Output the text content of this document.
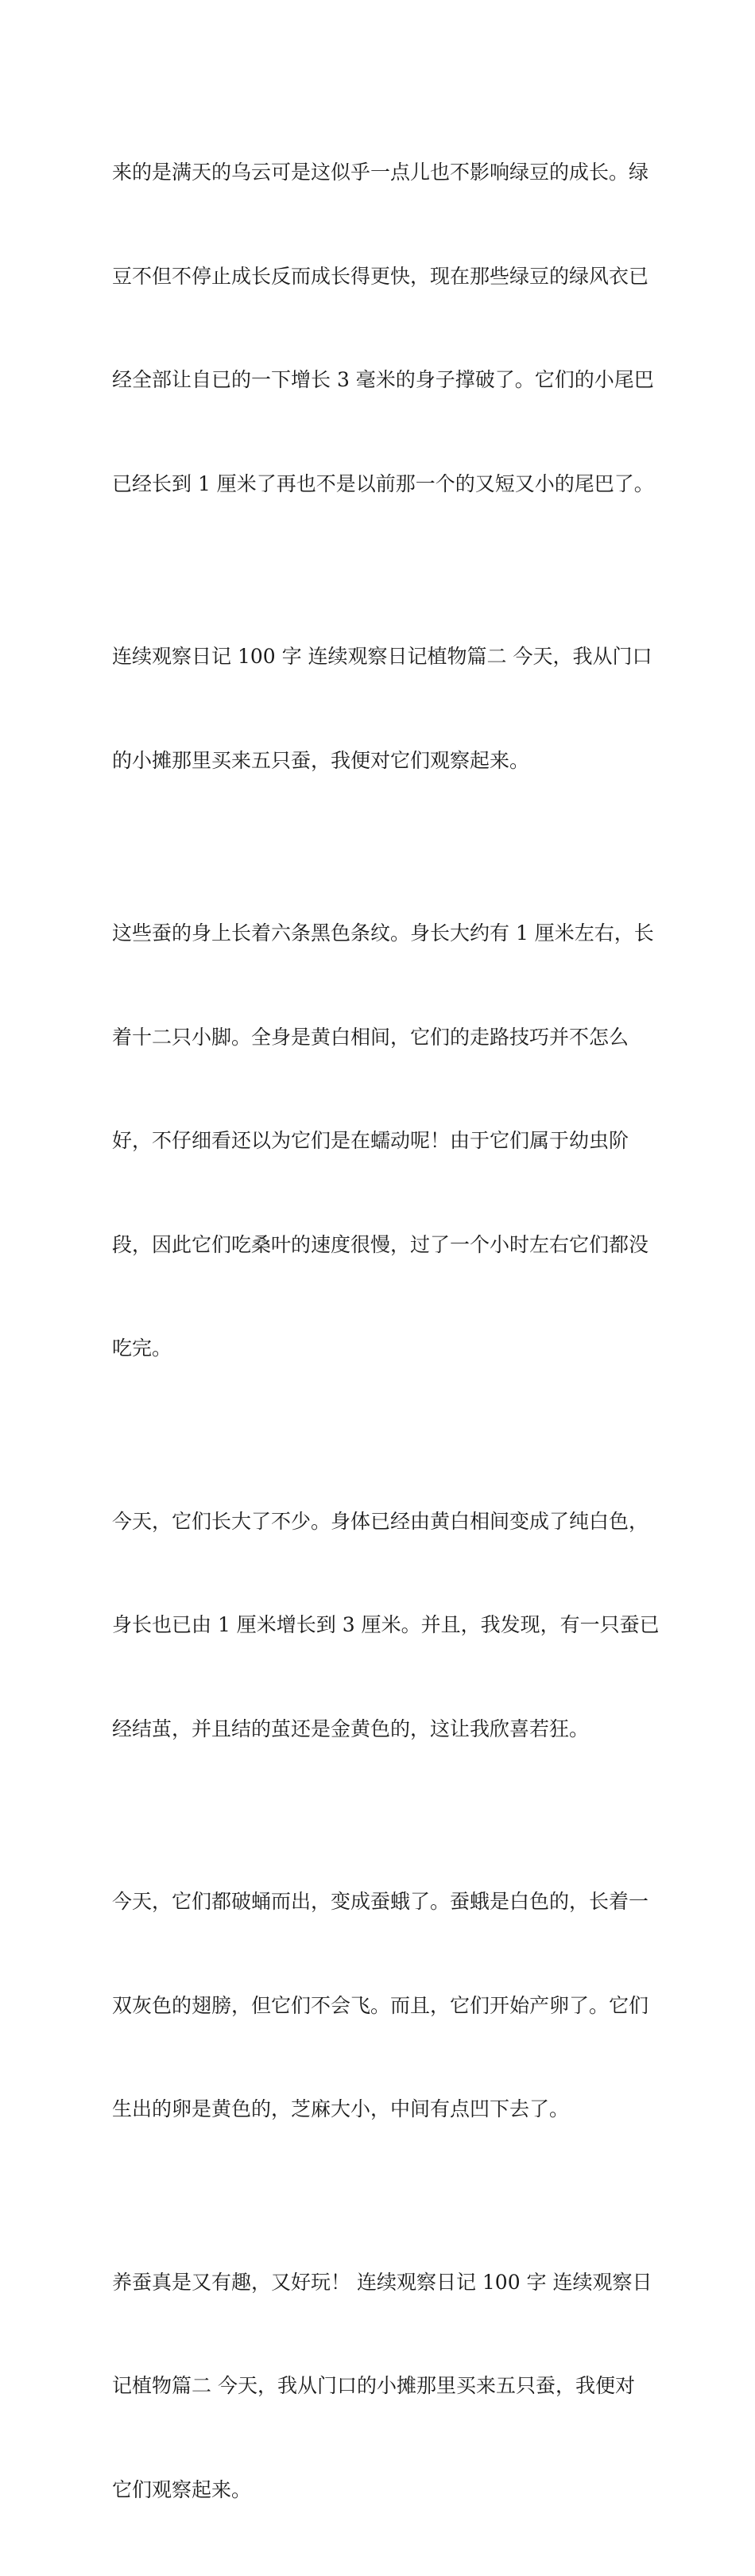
来的是满天的乌云可是这似乎一点儿也不影响绿豆的成长。绿

豆不但不停止成长反而成长得更快，现在那些绿豆的绿风衣已

经全部让自已的一下增长 3 毫米的身子撑破了。它们的小尾巴

已经长到 1 厘米了再也不是以前那一个的又短又小的尾巴了。

连续观察日记 100 字 连续观察日记植物篇二 今天，我从门口

的小摊那里买来五只蚕，我便对它们观察起来。

这些蚕的身上长着六条黑色条纹。身长大约有 1 厘米左右，长

着十二只小脚。全身是黄白相间，它们的走路技巧并不怎么

好，不仔细看还以为它们是在蠕动呢！由于它们属于幼虫阶

段，因此它们吃桑叶的速度很慢，过了一个小时左右它们都没

吃完。

今天，它们长大了不少。身体已经由黄白相间变成了纯白色，

身长也已由 1 厘米增长到 3 厘米。并且，我发现，有一只蚕已

经结茧，并且结的茧还是金黄色的，这让我欣喜若狂。

今天，它们都破蛹而出，变成蚕蛾了。蚕蛾是白色的，长着一

双灰色的翅膀，但它们不会飞。而且，它们开始产卵了。它们

生出的卵是黄色的，芝麻大小，中间有点凹下去了。

养蚕真是又有趣，又好玩！ 连续观察日记 100 字 连续观察日

记植物篇二 今天，我从门口的小摊那里买来五只蚕，我便对

它们观察起来。
